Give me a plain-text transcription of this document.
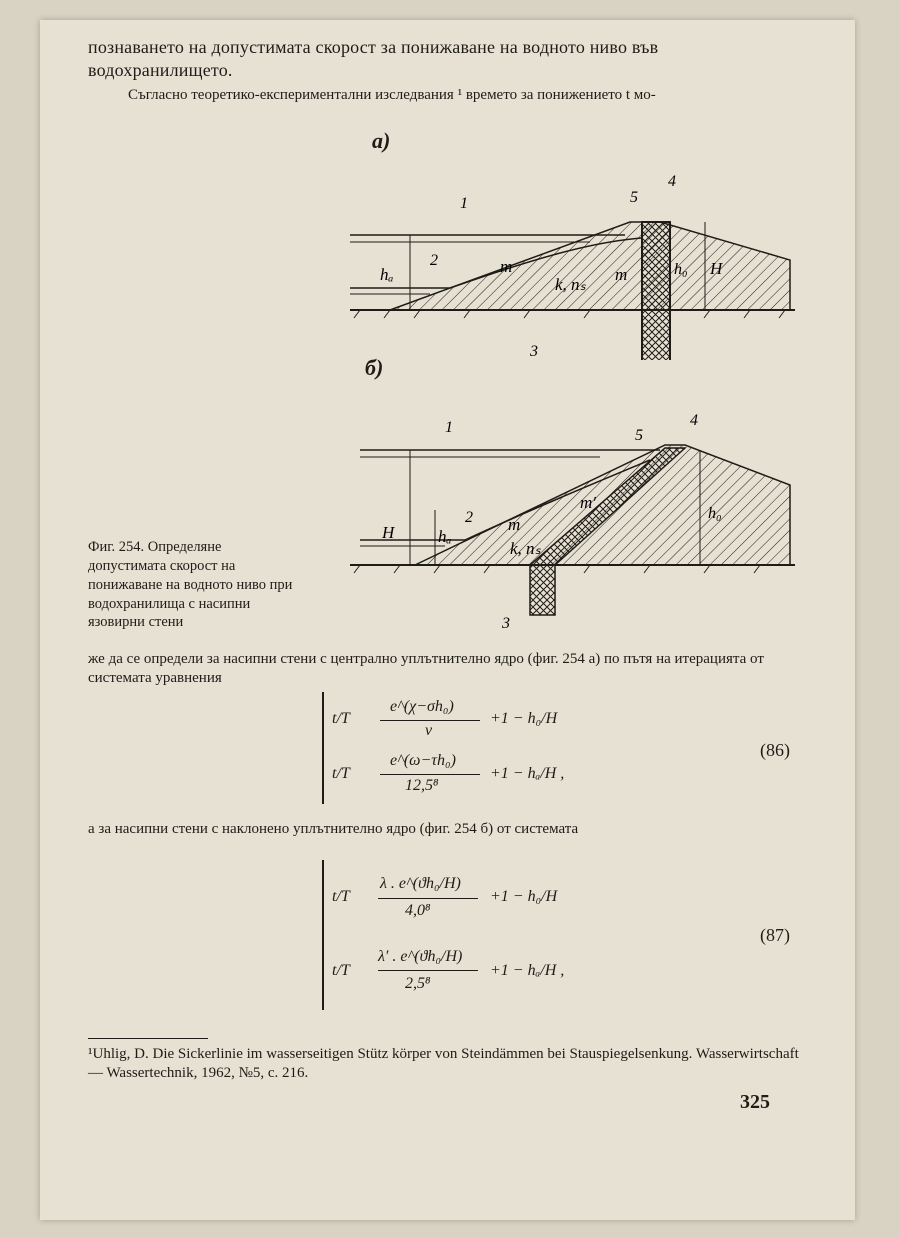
познаването на допустимата скорост за понижаване на водното ниво във водохранилището.
Съгласно теоретико-експериментални изследвания ¹ времето за понижението t мо-
а)
1
2
3
4
5
hₐ	m
k, nₛ
m	h₀ H
б)
1
2
3
4
5
H	hₐ
m
k, nₛ
m′
h₀
Фиг. 254. Определяне допустимата скорост на понижаване на водното ниво при водохранилища с насипни язовирни стени
же да се определи за насипни стени с централно уплътнително ядро (фиг. 254 а) по пътя на итерацията от системата уравнения
t/T
e^(χ−σh₀)
ν
+1 − h₀/H
t/T
e^(ω−τh₀)
12,5⁸
+1 − hₐ/H ,
(86)
а за насипни стени с наклонено уплътнително ядро (фиг. 254 б) от системата
t/T
λ . e^(ϑh₀/H)
4,0⁸
+1 − h₀/H
t/T
λ′ . e^(ϑh₀/H)
2,5⁸
+1 − hₐ/H ,
(87)
¹Uhlig, D. Die Sickerlinie im wasserseitigen Stütz körper von Steindämmen bei Stauspiegelsenkung. Wasserwirtschaft — Wassertechnik, 1962, №5, с. 216.
325
